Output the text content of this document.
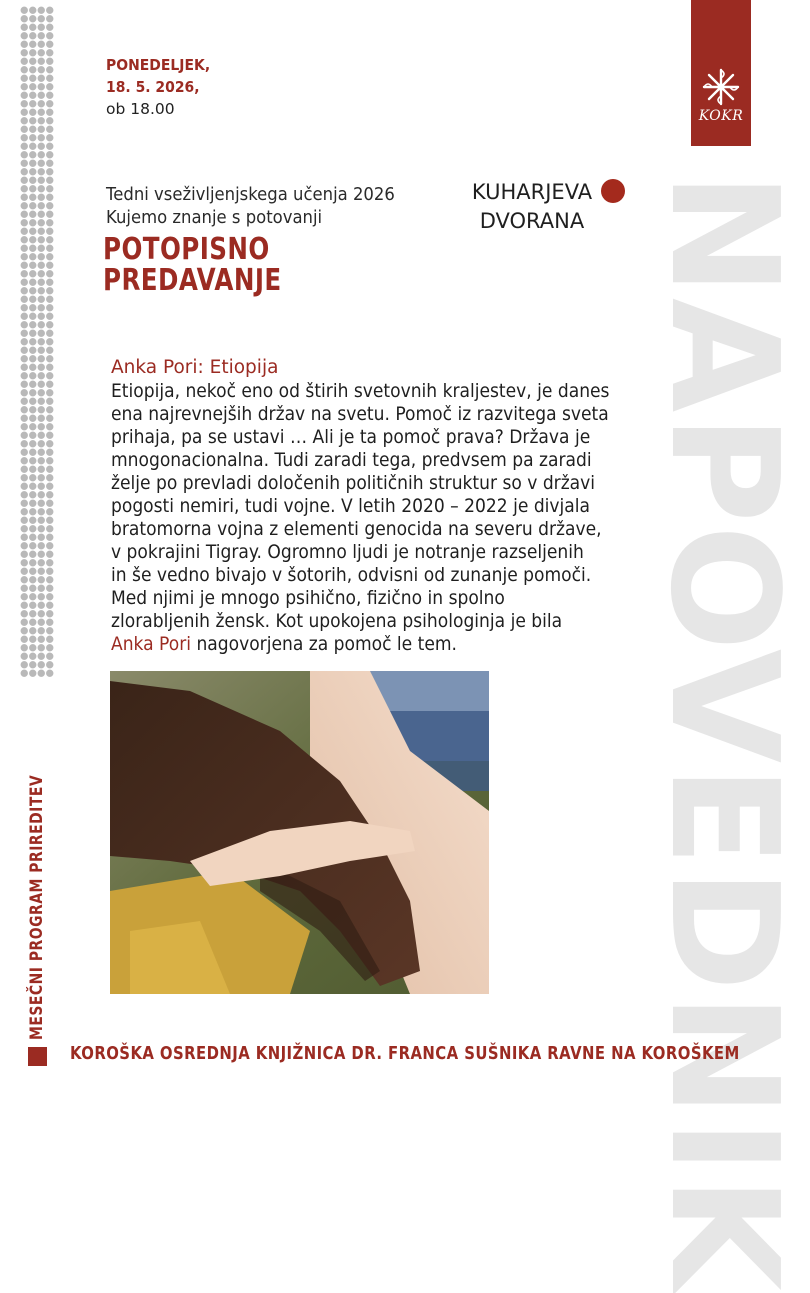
MESEČNI PROGRAM PRIREDITEV
KOKR
NAPOVEDNIK
PONEDELJEK,
18. 5. 2026,
ob 18.00
Tedni vseživljenjskega učenja 2026
Kujemo znanje s potovanji
POTOPISNO
PREDAVANJE
KUHARJEVA
DVORANA
Anka Pori: Etiopija
Etiopija, nekoč eno od štirih svetovnih kraljestev, je danes
ena najrevnejših držav na svetu. Pomoč iz razvitega sveta
prihaja, pa se ustavi … Ali je ta pomoč prava? Država je
mnogonacionalna. Tudi zaradi tega, predvsem pa zaradi
želje po prevladi določenih političnih struktur so v državi
pogosti nemiri, tudi vojne. V letih 2020 – 2022 je divjala
bratomorna vojna z elementi genocida na severu države,
v pokrajini Tigray. Ogromno ljudi je notranje razseljenih
in še vedno bivajo v šotorih, odvisni od zunanje pomoči.
Med njimi je mnogo psihično, fizično in spolno
zlorabljenih žensk. Kot upokojena psihologinja je bila
Anka Pori nagovorjena za pomoč le tem.
KOROŠKA OSREDNJA KNJIŽNICA DR. FRANCA SUŠNIKA RAVNE NA KOROŠKEM
